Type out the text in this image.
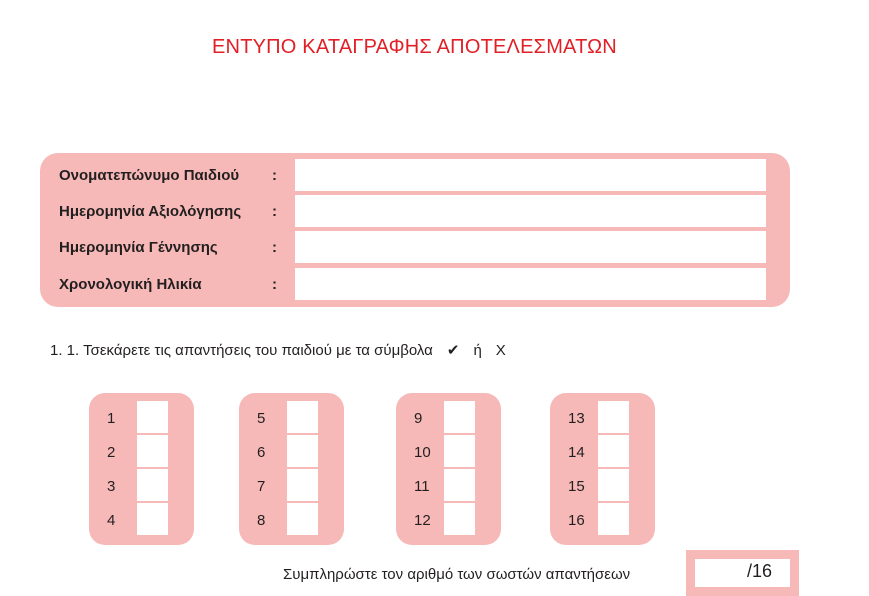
ΕΝΤΥΠΟ ΚΑΤΑΓΡΑΦΗΣ ΑΠΟΤΕΛΕΣΜΑΤΩΝ
Ονοματεπώνυμο Παιδιού :
Ημερομηνία Αξιολόγησης :
Ημερομηνία Γέννησης	:
Χρονολογική Ηλικία	:
1. 1. Τσεκάρετε τις απαντήσεις του παιδιού με τα σύμβολα ✔ ή X
1
2
3
4
5
6
7
8
9
10
11
12
13
14
15
16
Συμπληρώστε τον αριθμό των σωστών απαντήσεων	/16
